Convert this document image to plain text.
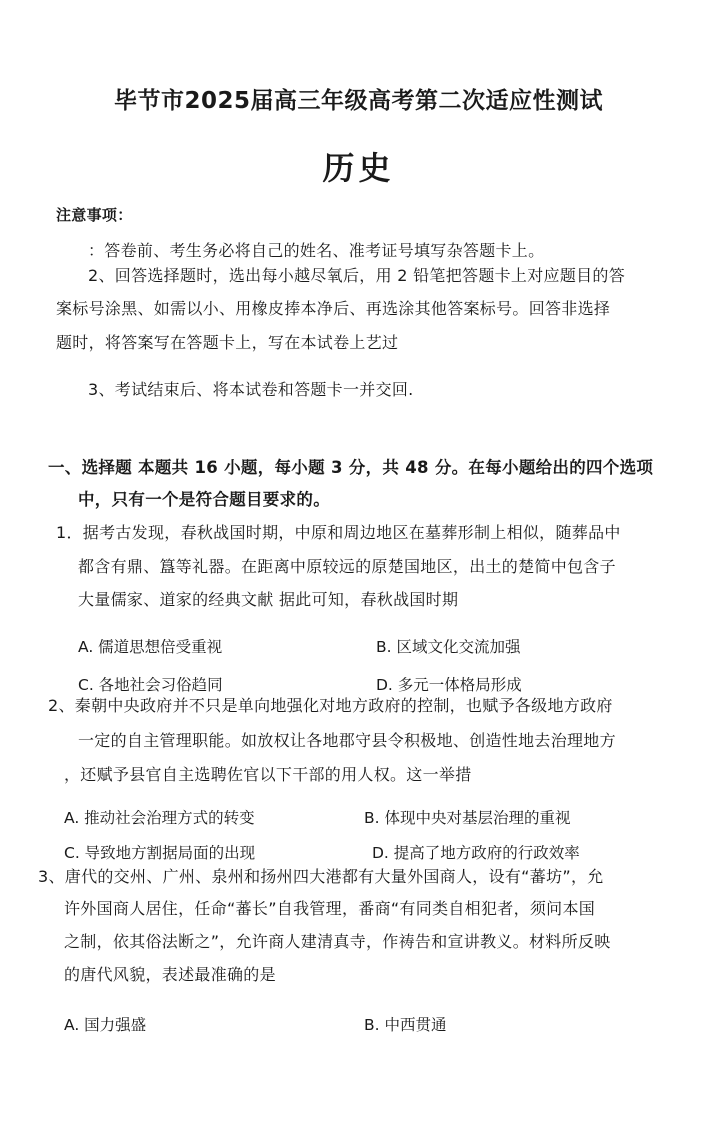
毕节市2025届高三年级高考第二次适应性测试
历史
注意事项：
：答卷前、考生务必将自己的姓名、准考证号填写杂答题卡上。
2、回答选择题时，选出每小越尽氧后，用 2 铅笔把答题卡上对应题目的答
案标号涂黑、如需以小、用橡皮捧本净后、再选涂其他答案标号。回答非选择
题时，将答案写在答题卡上，写在本试卷上艺过
3、考试结束后、将本试卷和答题卡一并交回.
一、选择题 本题共 16 小题，每小题 3 分，共 48 分。在每小题给出的四个选项
中，只有一个是符合题目要求的。
1．据考古发现，春秋战国时期，中原和周边地区在墓葬形制上相似，随葬品中
都含有鼎、簋等礼器。在距离中原较远的原楚国地区，出土的楚简中包含子
大量儒家、道家的经典文献 据此可知，春秋战国时期
A. 儒道思想倍受重视	B. 区域文化交流加强
C. 各地社会习俗趋同	D. 多元一体格局形成
2、秦朝中央政府并不只是单向地强化对地方政府的控制，也赋予各级地方政府
一定的自主管理职能。如放权让各地郡守县令积极地、创造性地去治理地方
，还赋予县官自主选聘佐官以下干部的用人权。这一举措
A. 推动社会治理方式的转变	B. 体现中央对基层治理的重视
C. 导致地方割据局面的出现	D. 提高了地方政府的行政效率
3、唐代的交州、广州、泉州和扬州四大港都有大量外国商人，设有“蕃坊”，允
许外国商人居住，任命“蕃长”自我管理，番商“有同类自相犯者，须问本国
之制，依其俗法断之”，允许商人建清真寺，作祷告和宣讲教义。材料所反映
的唐代风貌，表述最准确的是
A. 国力强盛	B. 中西贯通
